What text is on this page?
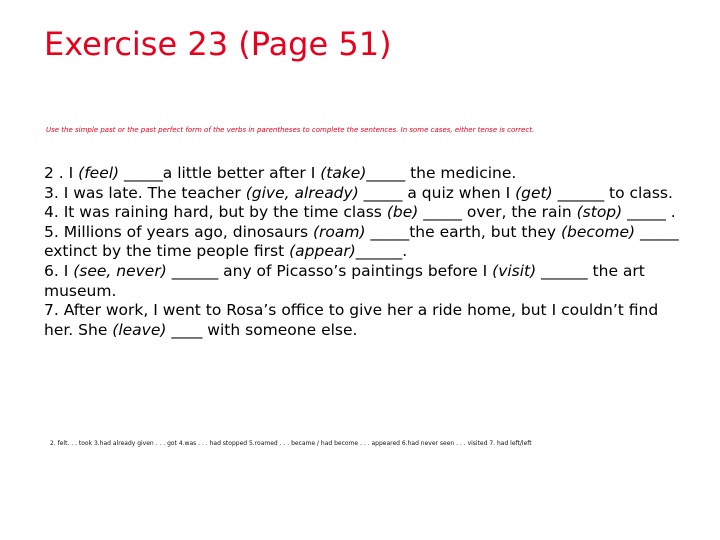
Exercise 23 (Page 51)
Use the simple past or the past perfect form of the verbs in parentheses to complete the sentences. In some cases, either tense is correct.

2 . I (feel) _____a little better after I (take)_____ the medicine.

3. I was late. The teacher (give, already) _____ a quiz when I (get) ______ to class.

4. It was raining hard, but by the time class (be) _____ over, the rain (stop) _____ .

5. Millions of years ago, dinosaurs (roam) _____the earth, but they (become) _____ extinct by the time people first (appear)______.

6. I (see, never) ______ any of Picasso’s paintings before I (visit) ______ the art museum.

7. After work, I went to Rosa’s office to give her a ride home, but I couldn’t find her. She (leave) ____ with someone else.

2. felt. . . took 3.had already given . . . got 4.was . . . had stopped 5.roamed . . . became / had become . . . appeared 6.had never seen . . . visited 7. had left/left
